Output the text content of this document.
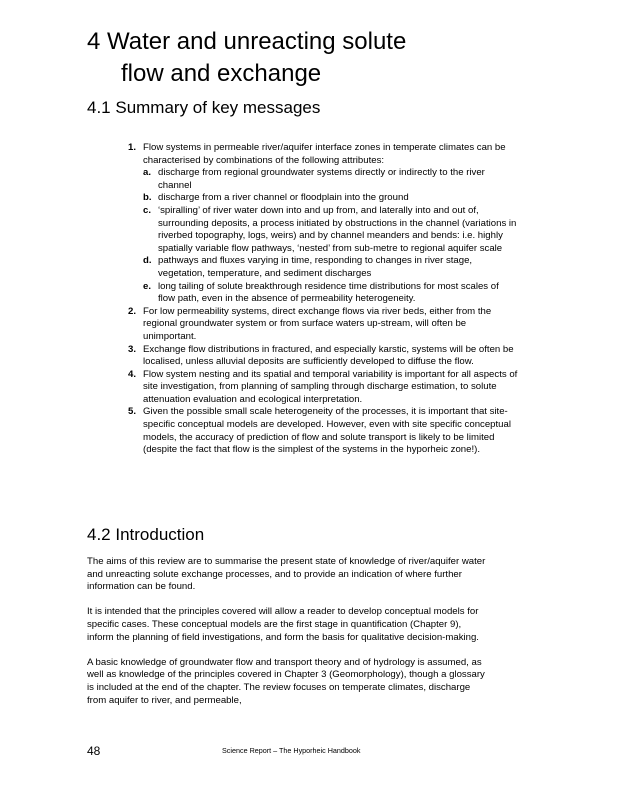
4 Water and unreacting solute
flow and exchange
4.1 Summary of key messages
1. Flow systems in permeable river/aquifer interface zones in temperate climates can be characterised by combinations of the following attributes:
a. discharge from regional groundwater systems directly or indirectly to the river channel
b. discharge from a river channel or floodplain into the ground
c. ‘spiralling’ of river water down into and up from, and laterally into and out of, surrounding deposits, a process initiated by obstructions in the channel (variations in riverbed topography, logs, weirs) and by channel meanders and bends: i.e. highly spatially variable flow pathways, ‘nested’ from sub-metre to regional aquifer scale
d. pathways and fluxes varying in time, responding to changes in river stage, vegetation, temperature, and sediment discharges
e. long tailing of solute breakthrough residence time distributions for most scales of flow path, even in the absence of permeability heterogeneity.
2. For low permeability systems, direct exchange flows via river beds, either from the regional groundwater system or from surface waters up-stream, will often be unimportant.
3. Exchange flow distributions in fractured, and especially karstic, systems will be often be localised, unless alluvial deposits are sufficiently developed to diffuse the flow.
4. Flow system nesting and its spatial and temporal variability is important for all aspects of site investigation, from planning of sampling through discharge estimation, to solute attenuation evaluation and ecological interpretation.
5. Given the possible small scale heterogeneity of the processes, it is important that site-specific conceptual models are developed. However, even with site specific conceptual models, the accuracy of prediction of flow and solute transport is likely to be limited (despite the fact that flow is the simplest of the systems in the hyporheic zone!).
4.2 Introduction

The aims of this review are to summarise the present state of knowledge of river/aquifer water and unreacting solute exchange processes, and to provide an indication of where further information can be found.

It is intended that the principles covered will allow a reader to develop conceptual models for specific cases. These conceptual models are the first stage in quantification (Chapter 9), inform the planning of field investigations, and form the basis for qualitative decision-making.

A basic knowledge of groundwater flow and transport theory and of hydrology is assumed, as well as knowledge of the principles covered in Chapter 3 (Geomorphology), though a glossary is included at the end of the chapter. The review focuses on temperate climates, discharge from aquifer to river, and permeable,

48	Science Report – The Hyporheic Handbook
